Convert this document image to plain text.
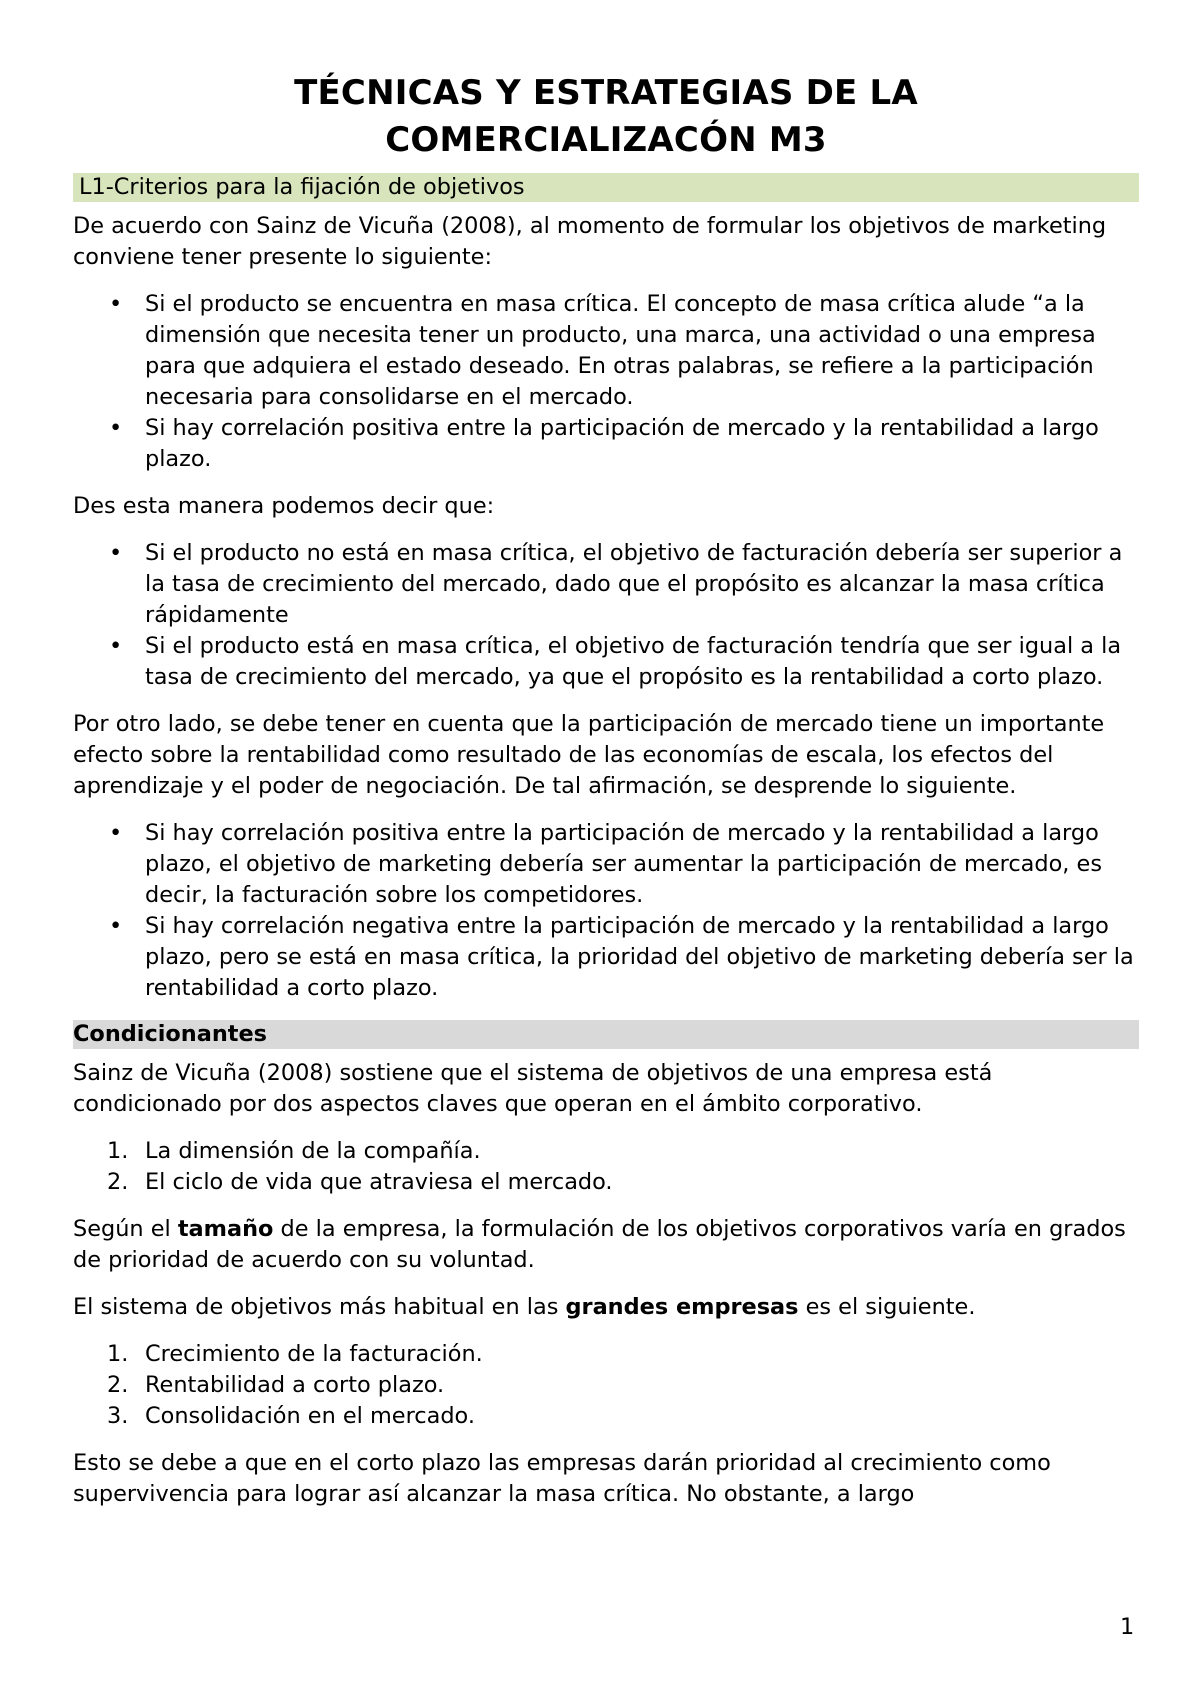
TÉCNICAS Y ESTRATEGIAS DE LA
COMERCIALIZACÓN M3
L1-Criterios para la fijación de objetivos

De acuerdo con Sainz de Vicuña (2008), al momento de formular los objetivos de marketing conviene tener presente lo siguiente:

• Si el producto se encuentra en masa crítica. El concepto de masa crítica alude “a la dimensión que necesita tener un producto, una marca, una actividad o una empresa para que adquiera el estado deseado. En otras palabras, se refiere a la participación necesaria para consolidarse en el mercado.
• Si hay correlación positiva entre la participación de mercado y la rentabilidad a largo plazo.

Des esta manera podemos decir que:

• Si el producto no está en masa crítica, el objetivo de facturación debería ser superior a la tasa de crecimiento del mercado, dado que el propósito es alcanzar la masa crítica rápidamente
• Si el producto está en masa crítica, el objetivo de facturación tendría que ser igual a la tasa de crecimiento del mercado, ya que el propósito es la rentabilidad a corto plazo.

Por otro lado, se debe tener en cuenta que la participación de mercado tiene un importante efecto sobre la rentabilidad como resultado de las economías de escala, los efectos del aprendizaje y el poder de negociación. De tal afirmación, se desprende lo siguiente.

• Si hay correlación positiva entre la participación de mercado y la rentabilidad a largo plazo, el objetivo de marketing debería ser aumentar la participación de mercado, es decir, la facturación sobre los competidores.
• Si hay correlación negativa entre la participación de mercado y la rentabilidad a largo plazo, pero se está en masa crítica, la prioridad del objetivo de marketing debería ser la rentabilidad a corto plazo.
Condicionantes

Sainz de Vicuña (2008) sostiene que el sistema de objetivos de una empresa está condicionado por dos aspectos claves que operan en el ámbito corporativo.

1. La dimensión de la compañía.
2. El ciclo de vida que atraviesa el mercado.

Según el tamaño de la empresa, la formulación de los objetivos corporativos varía en grados de prioridad de acuerdo con su voluntad.

El sistema de objetivos más habitual en las grandes empresas es el siguiente.

1. Crecimiento de la facturación.
2. Rentabilidad a corto plazo.
3. Consolidación en el mercado.

Esto se debe a que en el corto plazo las empresas darán prioridad al crecimiento como supervivencia para lograr así alcanzar la masa crítica. No obstante, a largo

1
